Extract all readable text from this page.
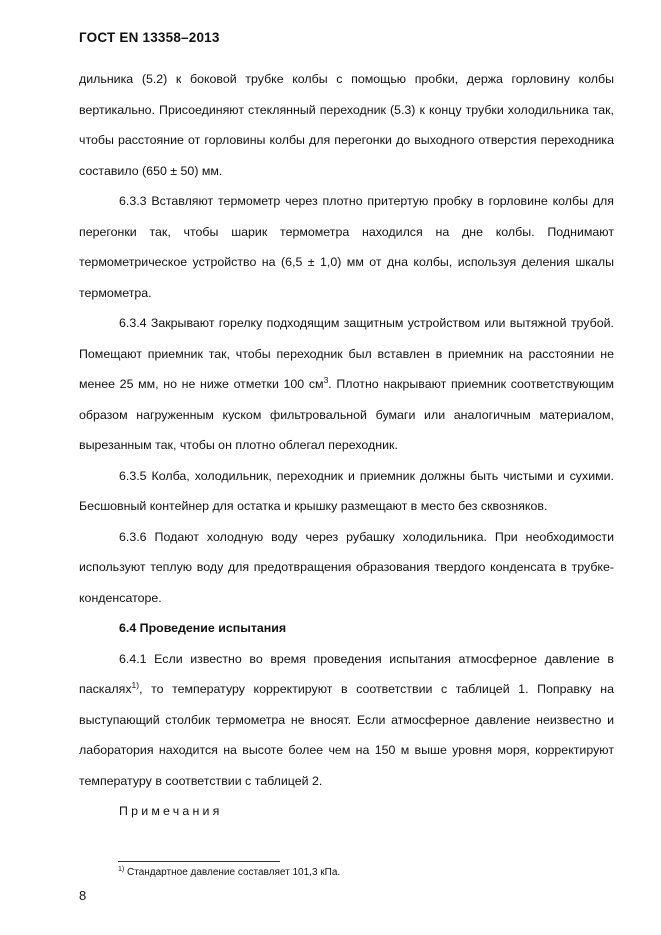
ГОСТ EN 13358–2013

дильника (5.2) к боковой трубке колбы с помощью пробки, держа горловину колбы вертикально. Присоединяют стеклянный переходник (5.3) к концу трубки холодильника так, чтобы расстояние от горловины колбы для перегонки до выходного отверстия переходника составило (650 ± 50) мм.

6.3.3 Вставляют термометр через плотно притертую пробку в горловине колбы для перегонки так, чтобы шарик термометра находился на дне колбы. Поднимают термометрическое устройство на (6,5 ± 1,0) мм от дна колбы, используя деления шкалы термометра.

6.3.4 Закрывают горелку подходящим защитным устройством или вытяжной трубой. Помещают приемник так, чтобы переходник был вставлен в приемник на расстоянии не менее 25 мм, но не ниже отметки 100 $см^3$. Плотно накрывают приемник соответствующим образом нагруженным куском фильтровальной бумаги или аналогичным материалом, вырезанным так, чтобы он плотно облегал переходник.

6.3.5 Колба, холодильник, переходник и приемник должны быть чистыми и сухими. Бесшовный контейнер для остатка и крышку размещают в место без сквозняков.

6.3.6 Подают холодную воду через рубашку холодильника. При необходимости используют теплую воду для предотвращения образования твердого конденсата в трубке-конденсаторе.

6.4 Проведение испытания

6.4.1 Если известно во время проведения испытания атмосферное давление в паскалях$^{1)}$, то температуру корректируют в соответствии с таблицей 1. Поправку на выступающий столбик термометра не вносят. Если атмосферное давление неизвестно и лаборатория находится на высоте более чем на 150 м выше уровня моря, корректируют температуру в соответствии с таблицей 2.

Примечания

$^{1)}$ Стандартное давление составляет 101,3 кПа.
8
